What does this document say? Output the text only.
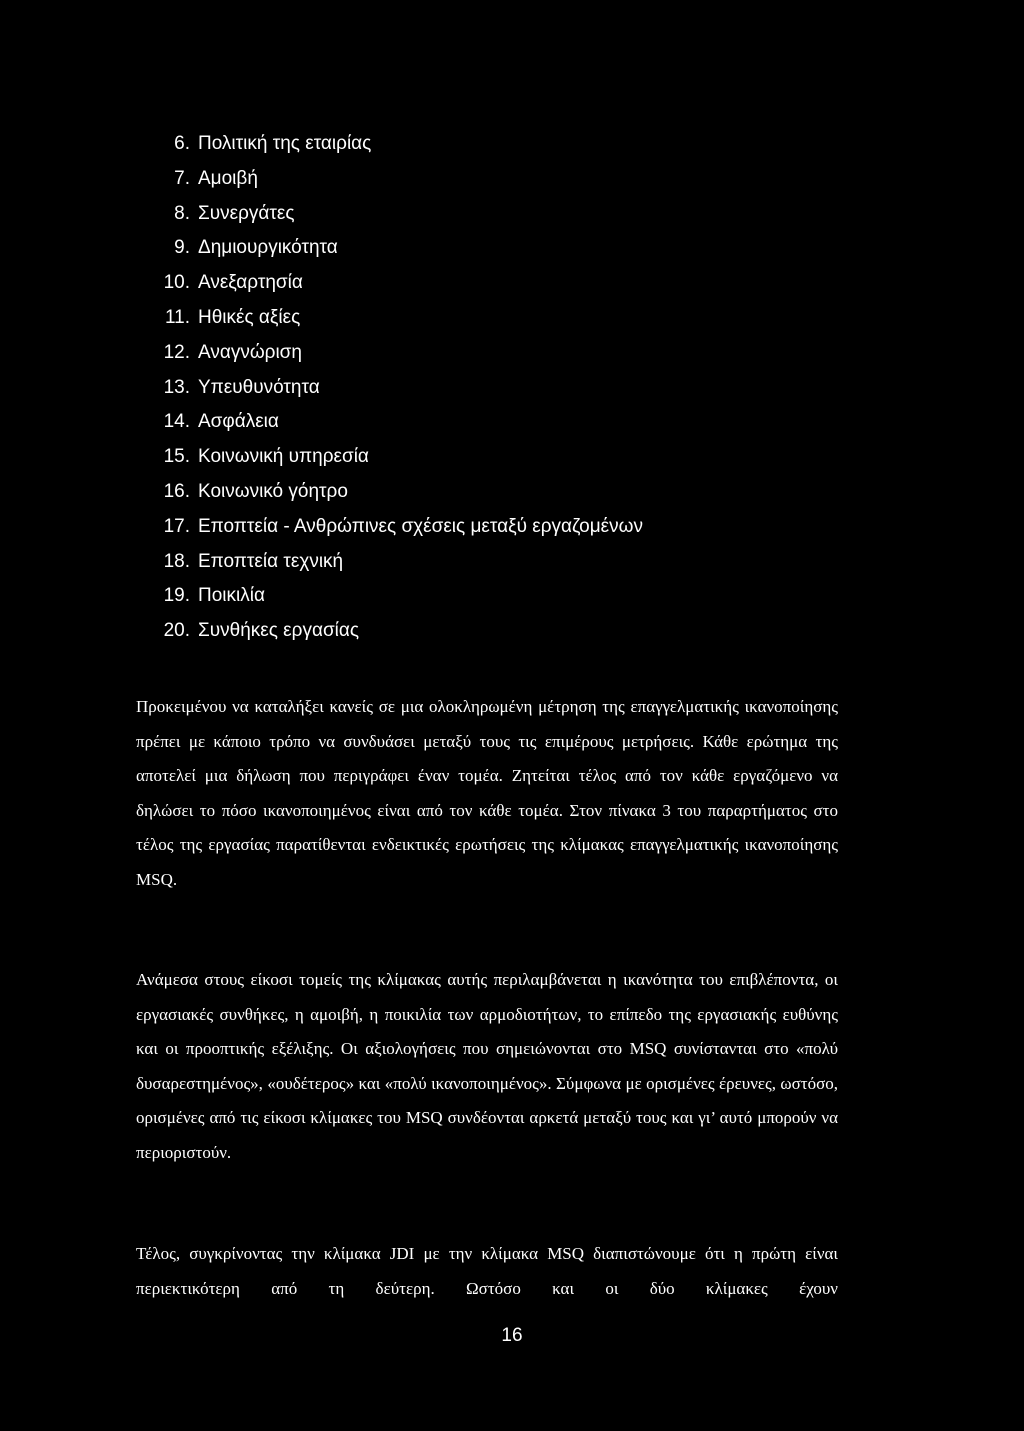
6. Πολιτική της εταιρίας
7. Αμοιβή
8. Συνεργάτες
9. Δημιουργικότητα
10. Ανεξαρτησία
11. Ηθικές αξίες
12. Αναγνώριση
13. Υπευθυνότητα
14. Ασφάλεια
15. Κοινωνική υπηρεσία
16. Κοινωνικό γόητρο
17. Εποπτεία - Ανθρώπινες σχέσεις μεταξύ εργαζομένων
18. Εποπτεία τεχνική
19. Ποικιλία
20. Συνθήκες εργασίας

Προκειμένου να καταλήξει κανείς σε μια ολοκληρωμένη μέτρηση της επαγγελματικής ικανοποίησης πρέπει με κάποιο τρόπο να συνδυάσει μεταξύ τους τις επιμέρους μετρήσεις. Κάθε ερώτημα της αποτελεί μια δήλωση που περιγράφει έναν τομέα. Ζητείται τέλος από τον κάθε εργαζόμενο να δηλώσει το πόσο ικανοποιημένος είναι από τον κάθε τομέα. Στον πίνακα 3 του παραρτήματος στο τέλος της εργασίας παρατίθενται ενδεικτικές ερωτήσεις της κλίμακας επαγγελματικής ικανοποίησης MSQ.

Ανάμεσα στους είκοσι τομείς της κλίμακας αυτής περιλαμβάνεται η ικανότητα του επιβλέποντα, οι εργασιακές συνθήκες, η αμοιβή, η ποικιλία των αρμοδιοτήτων, το επίπεδο της εργασιακής ευθύνης και οι προοπτικής εξέλιξης. Οι αξιολογήσεις που σημειώνονται στο MSQ συνίστανται στο «πολύ δυσαρεστημένος», «ουδέτερος» και «πολύ ικανοποιημένος». Σύμφωνα με ορισμένες έρευνες, ωστόσο, ορισμένες από τις είκοσι κλίμακες του MSQ συνδέονται αρκετά μεταξύ τους και γι’ αυτό μπορούν να περιοριστούν.

Τέλος, συγκρίνοντας την κλίμακα JDI με την κλίμακα MSQ διαπιστώνουμε ότι η πρώτη είναι περιεκτικότερη από τη δεύτερη. Ωστόσο και οι δύο κλίμακες έχουν

16
